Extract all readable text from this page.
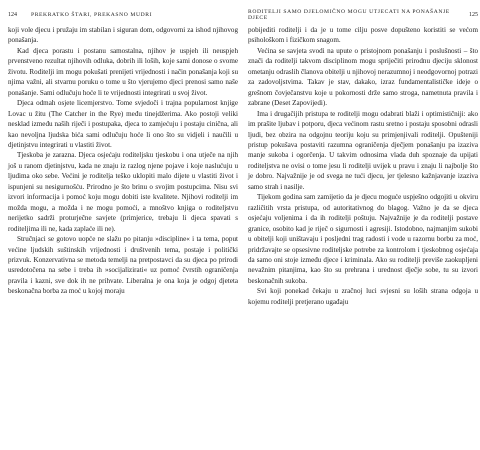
124	PREKRATKO ŠTARI, PREKASNO MUDRI

koji vole djecu i pružaju im stabilan i siguran dom, odgovorni za ishod njihovog ponašanja.

Kad djeca porastu i postanu samostalna, njihov je uspjeh ili neuspjeh prvenstveno rezultat njihovih odluka, dobrih ili loših, koje sami donose o svome životu. Roditelji im mogu pokušati prenijeti vrijednosti i način ponašanja koji su njima važni, ali stvarnu poruku o tome u što vjerujemo djeci prenosi samo naše ponašanje. Sami odlučuju hoće li te vrijednosti integrirati u svoj život.

Djeca odmah osjete licemjerstvo. Tome svjedoči i trajna popularnost knjige Lovac u žitu (The Catcher in the Rye) među tinejdžerima. Ako postoji veliki nesklad između naših riječi i postupaka, djeca to zamjećuju i postaju cinična, ali kao nevoljna ljudska bića sami odlučuju hoće li ono što su vidjeli i naučili u djetinjstvu integrirati u vlastiti život.

Tjeskoba je zarazna. Djeca osjećaju roditeljsku tjeskobu i ona utječe na njih još u ranom djetinjstvu, kada ne znaju iz razlog njene pojave i koje naslućuju u ljudima oko sebe. Većini je roditelja teško uklopiti malo dijete u vlastiti život i ispunjeni su nesigurnošću. Prirodno je što brinu o svojim postupcima. Nisu svi izvori informacija i pomoć koju mogu dobiti iste kvalitete. Njihovi roditelji im možda mogu, a možda i ne mogu pomoći, a mnoštvo knjiga o roditeljstvu nerijetko sadrži proturječne savjete (primjerice, trebaju li djeca spavati s roditeljima ili ne, kada zaplaće ili ne).

Stručnjaci se gotovo uopće ne slažu po pitanju »discipline« i ta tema, poput većine ljudskih suštinskih vrijednosti i društvenih tema, postaje i politički prizvuk. Konzervativna se metoda temelji na pretpostavci da su djeca po prirodi usredotočena na sebe i treba ih »socijalizirati« uz pomoć čvrstih ograničenja pravila i kazni, sve dok ih ne prihvate. Liberalna je ona koja je odgoj djeteta beskonačna borba za moć u kojoj moraju

RODITELJI SAMO DJELOMIČNO MOGU UTJECATI NA PONAŠANJE DJECE	125

pobijediti roditelji i da je u tome cilju posve dopušteno koristiti se većom psihološkom i fizičkom snagom.

Većina se savjeta svodi na upute o pristojnom ponašanju i poslušnosti – što znači da roditelji takvom disciplinom mogu spriječiti prirodnu djeciju sklonost ometanju odraslih članova obitelji u njihovoj nerazumnoj i neodgovornoj potrazi za zadovoljstvima. Takav je stav, dakako, izraz fundamentalističke ideje o grešnom čovječanstvu koje u pokornosti drže samo stroga, nametnuta pravila i zabrane (Deset Zapovijedi).

Ima i drugačijih pristupa te roditelji mogu odabrati blaži i optimističniji: ako im prašite ljubav i potporu, djeca većinom rastu sretno i postaju sposobni odrasli ljudi, bez obzira na odgojnu teoriju koju su primjenjivali roditelji. Opušteniji pristup pokušava postaviti razumna ograničenja dječjem ponašanju pa izaziva manje sukoba i ogorčenja. U takvim odnosima vlada duh spoznaje da upijati roditeljstva ne ovisi o tome jesu li roditelji uvijek u pravu i znaju li najbolje što je dobro. Najvažnije je od svega ne tući djecu, jer tjelesno kažnjavanje izaziva samo strah i nasilje.

Tijekom godina sam zamijetio da je djecu moguće uspješno odgojiti u okviru različitih vrsta pristupa, od autoritativnog do blagog. Važno je da se djeca osjećaju voljenima i da ih roditelji poštuju. Najvažnije je da roditelji postave granice, osobito kad je riječ o sigurnosti i agresiji. Istodobno, najmanjim sukobi u obitelji koji uništavaju i posljedni trag radosti i vode u razornu borbu za moć, pridržavajte se opsesivne roditeljske potrebe za kontrolom i tjeskobnog osjećaja da samo oni stoje između djece i kriminala. Ako su roditelji previše zaokupljeni nevažnim pitanjima, kao što su prehrana i urednost dječje sobe, tu su izvori beskonačnih sukoba.

Svi koji ponekad čekaju u zračnoj luci svjesni su loših strana odgoja u kojemu roditelji pretjerano ugađaju
